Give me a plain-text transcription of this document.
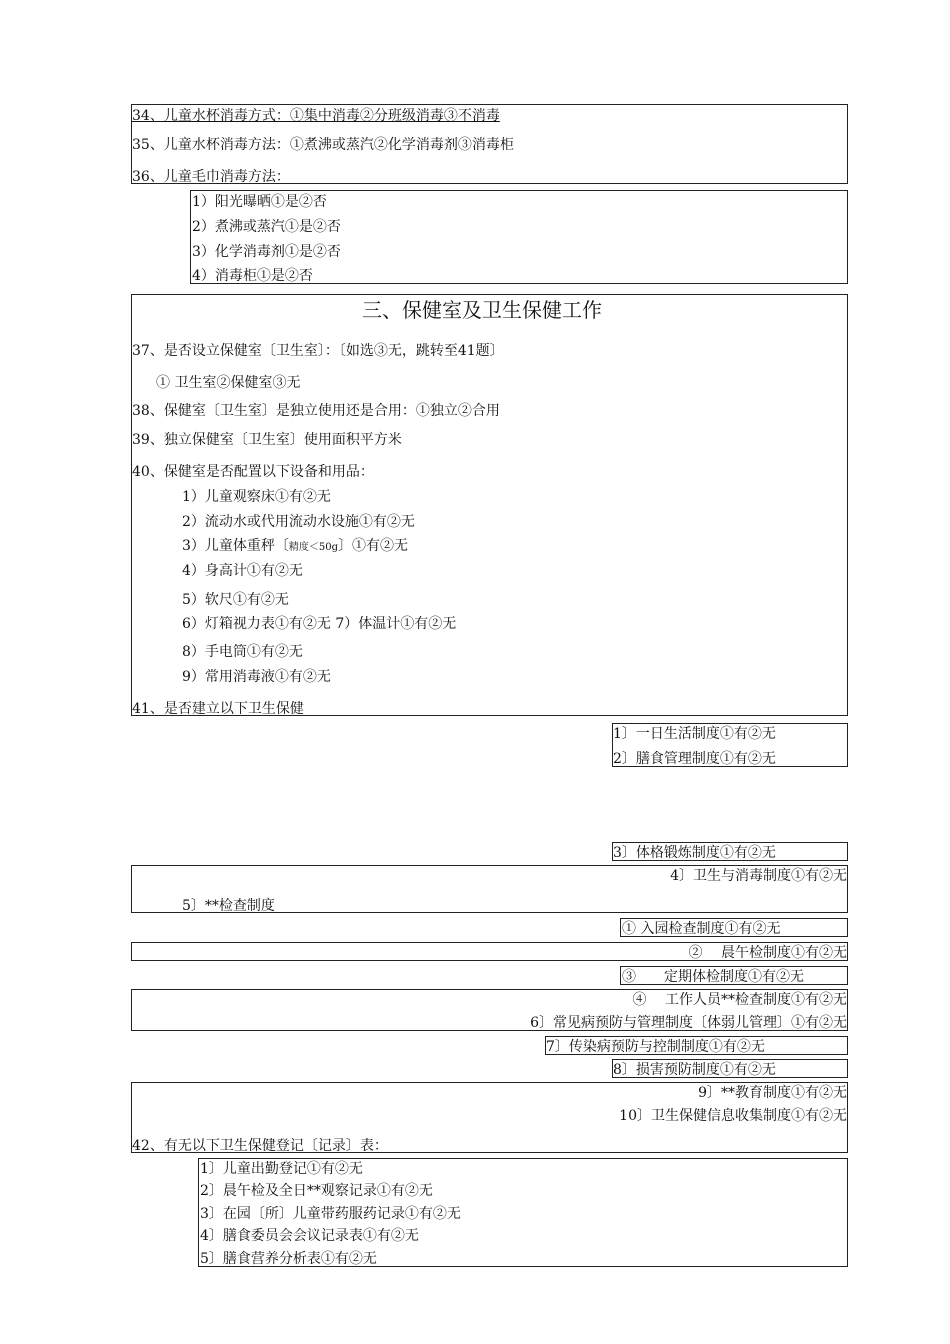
34、儿童水杯消毒方式：①集中消毒②分班级消毒③不消毒
35、儿童水杯消毒方法：①煮沸或蒸汽②化学消毒剂③消毒柜
36、儿童毛巾消毒方法：
1）阳光曝晒①是②否
2）煮沸或蒸汽①是②否
3）化学消毒剂①是②否
4）消毒柜①是②否
三、保健室及卫生保健工作
37、是否设立保健室〔卫生室〕：〔如选③无，跳转至41题〕
① 卫生室②保健室③无
38、保健室〔卫生室〕是独立使用还是合用：①独立②合用
39、独立保健室〔卫生室〕使用面积平方米
40、保健室是否配置以下设备和用品：
1）儿童观察床①有②无
2）流动水或代用流动水设施①有②无
3）儿童体重秤〔精度＜50g〕①有②无
4）身高计①有②无
5）软尺①有②无
6）灯箱视力表①有②无 7）体温计①有②无
8）手电筒①有②无
9）常用消毒液①有②无
41、是否建立以下卫生保健
1〕一日生活制度①有②无
2〕膳食管理制度①有②无
3〕体格锻炼制度①有②无
4〕卫生与消毒制度①有②无
5〕**检查制度
① 入园检查制度①有②无
②　 晨午检制度①有②无
③　　定期体检制度①有②无
④　 工作人员**检查制度①有②无
6〕常见病预防与管理制度〔体弱儿管理〕①有②无
7〕传染病预防与控制制度①有②无
8〕损害预防制度①有②无
9〕**教育制度①有②无
10〕卫生保健信息收集制度①有②无
42、有无以下卫生保健登记〔记录〕表：
1〕儿童出勤登记①有②无
2〕晨午检及全日**观察记录①有②无
3〕在园〔所〕儿童带药服药记录①有②无
4〕膳食委员会会议记录表①有②无
5〕膳食营养分析表①有②无
